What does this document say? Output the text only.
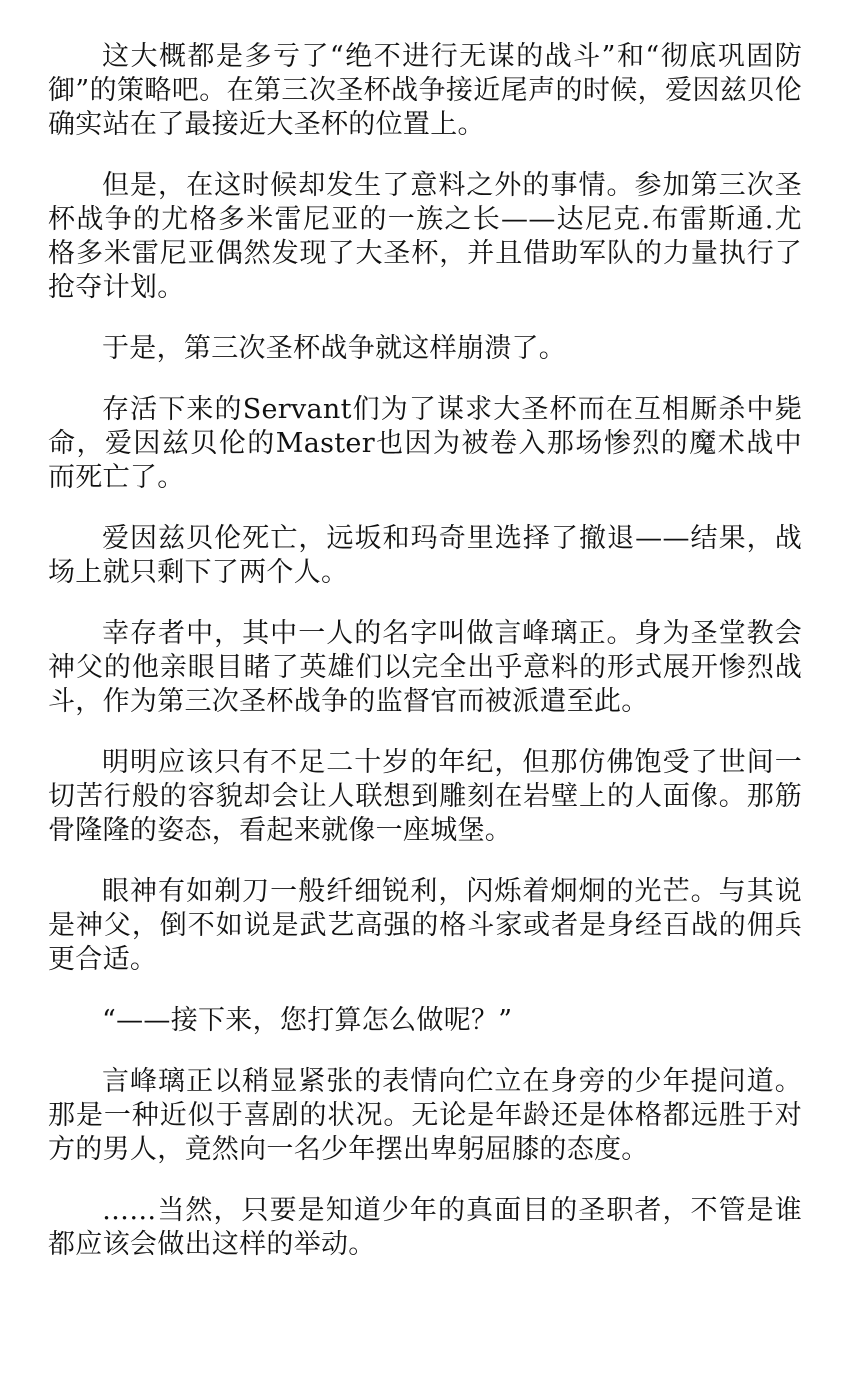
这大概都是多亏了“绝不进行无谋的战斗”和“彻底巩固防御”的策略吧。在第三次圣杯战争接近尾声的时候，爱因兹贝伦确实站在了最接近大圣杯的位置上。

但是，在这时候却发生了意料之外的事情。参加第三次圣杯战争的尤格多米雷尼亚的一族之长——达尼克.布雷斯通.尤格多米雷尼亚偶然发现了大圣杯，并且借助军队的力量执行了抢夺计划。

于是，第三次圣杯战争就这样崩溃了。

存活下来的Servant们为了谋求大圣杯而在互相厮杀中毙命，爱因兹贝伦的Master也因为被卷入那场惨烈的魔术战中而死亡了。

爱因兹贝伦死亡，远坂和玛奇里选择了撤退——结果，战场上就只剩下了两个人。

幸存者中，其中一人的名字叫做言峰璃正。身为圣堂教会神父的他亲眼目睹了英雄们以完全出乎意料的形式展开惨烈战斗，作为第三次圣杯战争的监督官而被派遣至此。

明明应该只有不足二十岁的年纪，但那仿佛饱受了世间一切苦行般的容貌却会让人联想到雕刻在岩壁上的人面像。那筋骨隆隆的姿态，看起来就像一座城堡。

眼神有如剃刀一般纤细锐利，闪烁着炯炯的光芒。与其说是神父，倒不如说是武艺高强的格斗家或者是身经百战的佣兵更合适。

“——接下来，您打算怎么做呢？”

言峰璃正以稍显紧张的表情向伫立在身旁的少年提问道。那是一种近似于喜剧的状况。无论是年龄还是体格都远胜于对方的男人，竟然向一名少年摆出卑躬屈膝的态度。

……当然，只要是知道少年的真面目的圣职者，不管是谁都应该会做出这样的举动。
